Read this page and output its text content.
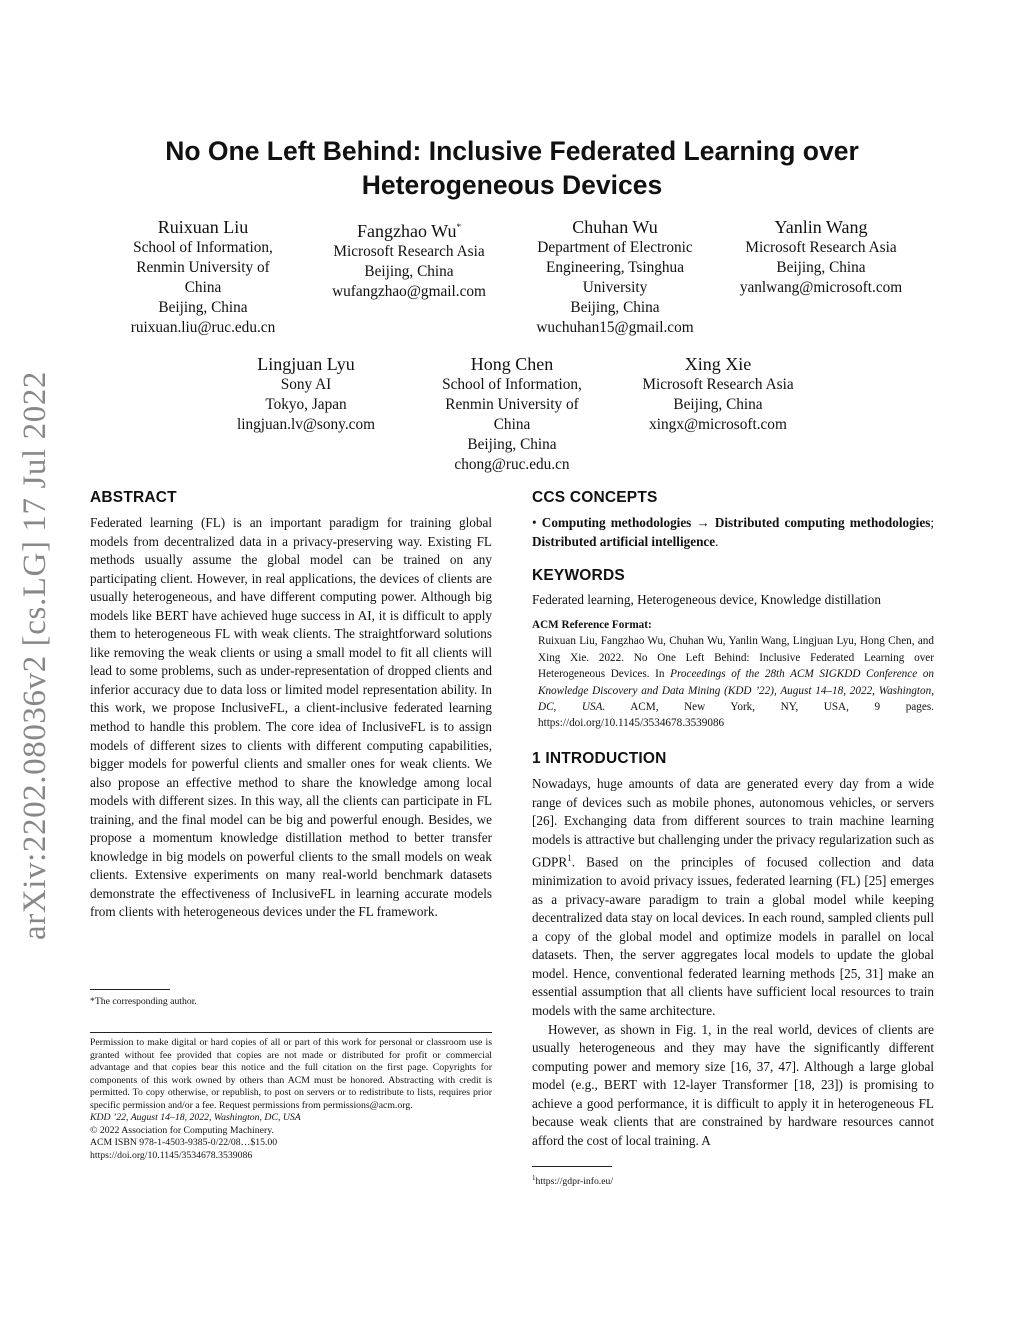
arXiv:2202.08036v2 [cs.LG] 17 Jul 2022
No One Left Behind: Inclusive Federated Learning over
Heterogeneous Devices
Ruixuan Liu
School of Information,
Renmin University of
China
Beijing, China
ruixuan.liu@ruc.edu.cn
Fangzhao Wu*
Microsoft Research Asia
Beijing, China
wufangzhao@gmail.com
Chuhan Wu
Department of Electronic
Engineering, Tsinghua
University
Beijing, China
wuchuhan15@gmail.com
Yanlin Wang
Microsoft Research Asia
Beijing, China
yanlwang@microsoft.com
Lingjuan Lyu
Sony AI
Tokyo, Japan
lingjuan.lv@sony.com
Hong Chen
School of Information,
Renmin University of
China
Beijing, China
chong@ruc.edu.cn
Xing Xie
Microsoft Research Asia
Beijing, China
xingx@microsoft.com
ABSTRACT

Federated learning (FL) is an important paradigm for training global models from decentralized data in a privacy-preserving way. Existing FL methods usually assume the global model can be trained on any participating client. However, in real applications, the devices of clients are usually heterogeneous, and have different computing power. Although big models like BERT have achieved huge success in AI, it is difficult to apply them to heterogeneous FL with weak clients. The straightforward solutions like removing the weak clients or using a small model to fit all clients will lead to some problems, such as under-representation of dropped clients and inferior accuracy due to data loss or limited model representation ability. In this work, we propose InclusiveFL, a client-inclusive federated learning method to handle this problem. The core idea of InclusiveFL is to assign models of different sizes to clients with different computing capabilities, bigger models for powerful clients and smaller ones for weak clients. We also propose an effective method to share the knowledge among local models with different sizes. In this way, all the clients can participate in FL training, and the final model can be big and powerful enough. Besides, we propose a momentum knowledge distillation method to better transfer knowledge in big models on powerful clients to the small models on weak clients. Extensive experiments on many real-world benchmark datasets demonstrate the effectiveness of InclusiveFL in learning accurate models from clients with heterogeneous devices under the FL framework.

*The corresponding author.

Permission to make digital or hard copies of all or part of this work for personal or classroom use is granted without fee provided that copies are not made or distributed for profit or commercial advantage and that copies bear this notice and the full citation on the first page. Copyrights for components of this work owned by others than ACM must be honored. Abstracting with credit is permitted. To copy otherwise, or republish, to post on servers or to redistribute to lists, requires prior specific permission and/or a fee. Request permissions from permissions@acm.org.

KDD ’22, August 14–18, 2022, Washington, DC, USA

© 2022 Association for Computing Machinery.

ACM ISBN 978-1-4503-9385-0/22/08…$15.00

https://doi.org/10.1145/3534678.3539086

CCS CONCEPTS

• Computing methodologies → Distributed computing methodologies; Distributed artificial intelligence.

KEYWORDS
Federated learning, Heterogeneous device, Knowledge distillation

ACM Reference Format:

Ruixuan Liu, Fangzhao Wu, Chuhan Wu, Yanlin Wang, Lingjuan Lyu, Hong Chen, and Xing Xie. 2022. No One Left Behind: Inclusive Federated Learning over Heterogeneous Devices. In Proceedings of the 28th ACM SIGKDD Conference on Knowledge Discovery and Data Mining (KDD ’22), August 14–18, 2022, Washington, DC, USA. ACM, New York, NY, USA, 9 pages. https://doi.org/10.1145/3534678.3539086

1 INTRODUCTION

Nowadays, huge amounts of data are generated every day from a wide range of devices such as mobile phones, autonomous vehicles, or servers [26]. Exchanging data from different sources to train machine learning models is attractive but challenging under the privacy regularization such as GDPR$^1$. Based on the principles of focused collection and data minimization to avoid privacy issues, federated learning (FL) [25] emerges as a privacy-aware paradigm to train a global model while keeping decentralized data stay on local devices. In each round, sampled clients pull a copy of the global model and optimize models in parallel on local datasets. Then, the server aggregates local models to update the global model. Hence, conventional federated learning methods [25, 31] make an essential assumption that all clients have sufficient local resources to train models with the same architecture.

However, as shown in Fig. 1, in the real world, devices of clients are usually heterogeneous and they may have the significantly different computing power and memory size [16, 37, 47]. Although a large global model (e.g., BERT with 12-layer Transformer [18, 23]) is promising to achieve a good performance, it is difficult to apply it in heterogeneous FL because weak clients that are constrained by hardware resources cannot afford the cost of local training. A

$^1$https://gdpr-info.eu/
